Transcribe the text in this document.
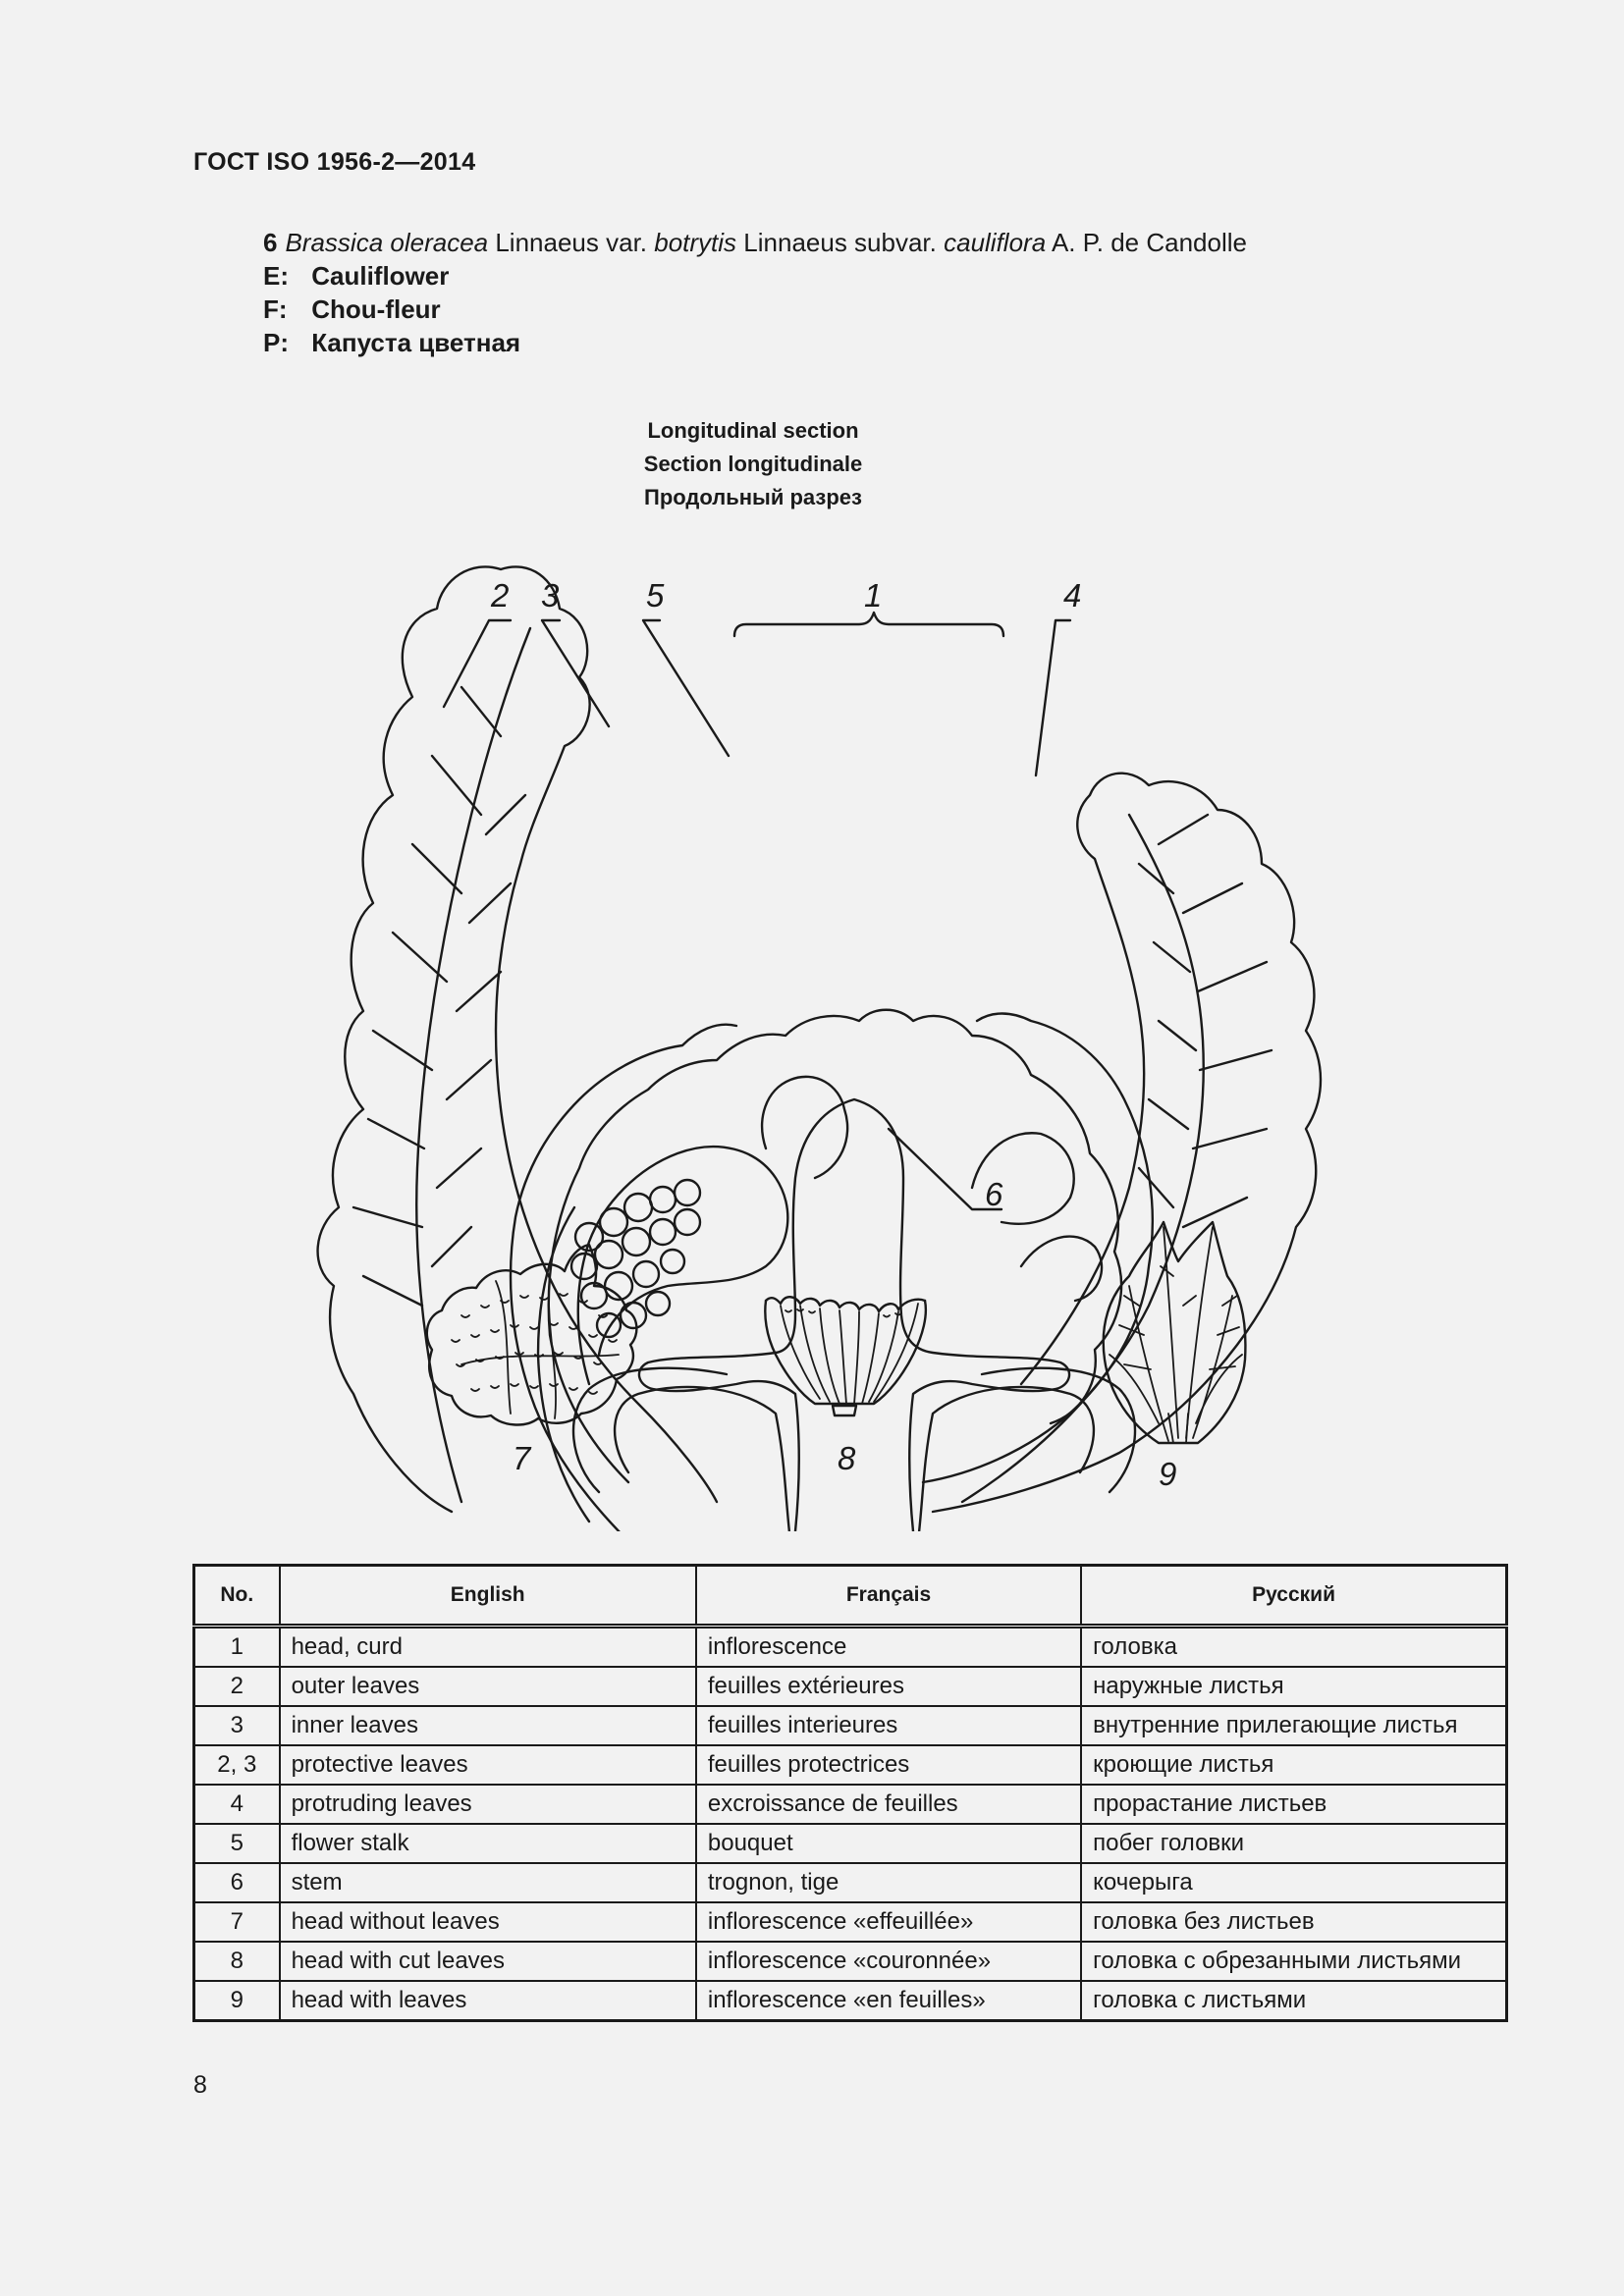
ГОСТ ISO 1956-2—2014
6 Brassica oleracea Linnaeus var. botrytis Linnaeus subvar. cauliflora A. P. de Candolle
E: Cauliflower
F: Chou-fleur
P: Капуста цветная
Longitudinal section
Section longitudinale
Продольный разрез
1
2 3	4
5
6
7	8	9
No.	English	Français	Русский
1	head, curd	inflorescence	головка
2	outer leaves	feuilles extérieures	наружные листья
3	inner leaves	feuilles interieures	внутренние прилегающие листья
2, 3	protective leaves	feuilles protectrices	кроющие листья
4	protruding leaves	excroissance de feuilles	прорастание листьев
5	flower stalk	bouquet	побег головки
6	stem	trognon, tige	кочерыга
7	head without leaves	inflorescence «effeuillée»	головка без листьев
8	head with cut leaves	inflorescence «couronnée»	головка с обрезанными листьями
9	head with leaves	inflorescence «en feuilles»	головка с листьями
8
